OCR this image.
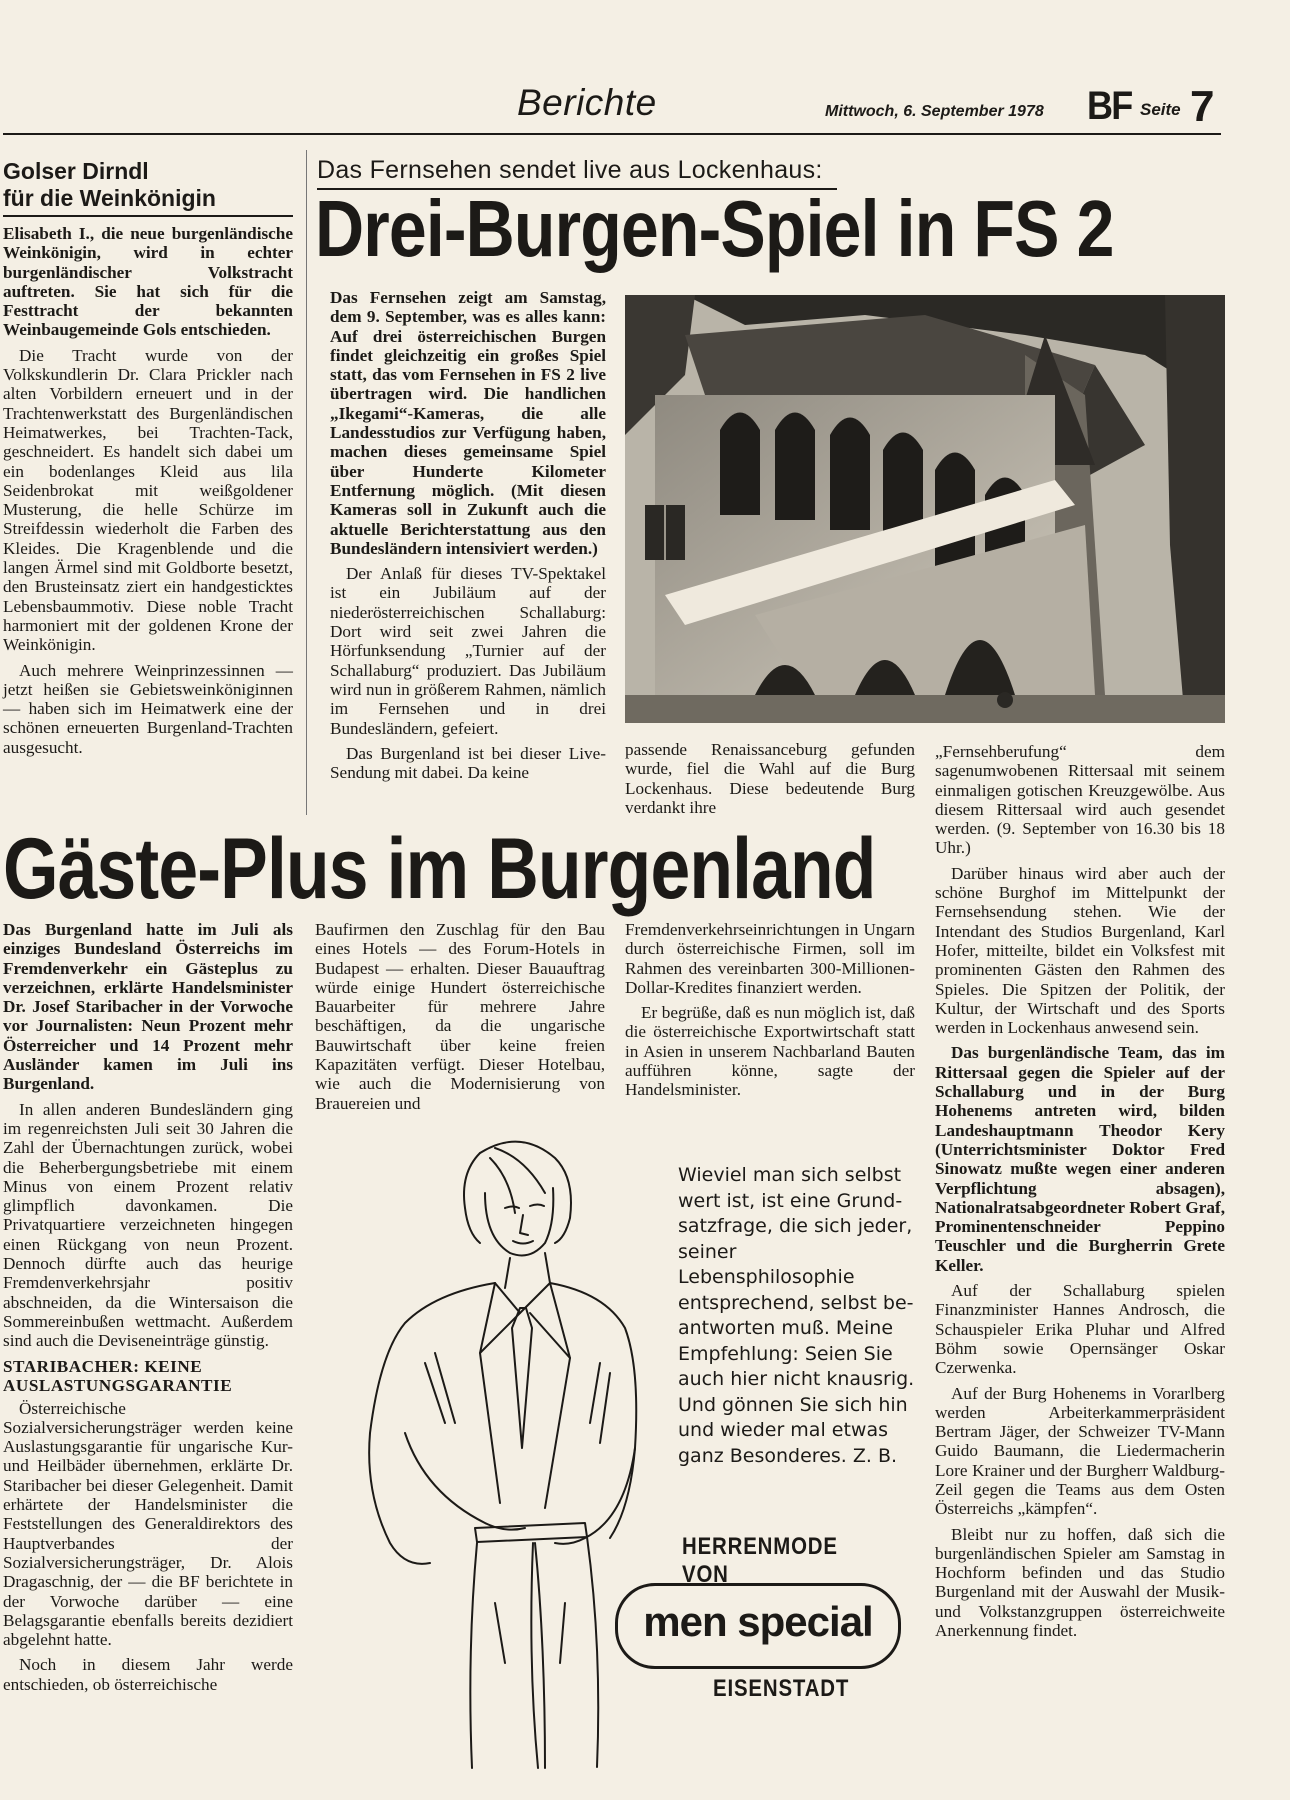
Berichte	Mittwoch, 6. September 1978 BF Seite 7
Golser Dirndl
für die Weinkönigin

Elisabeth I., die neue burgenländische Weinkönigin, wird in echter burgenländischer Volkstracht auftreten. Sie hat sich für die Festtracht der bekannten Weinbaugemeinde Gols entschieden.

Die Tracht wurde von der Volkskundlerin Dr. Clara Prickler nach alten Vorbildern erneuert und in der Trachtenwerkstatt des Burgenländischen Heimatwerkes, bei Trachten-Tack, geschneidert. Es handelt sich dabei um ein bodenlanges Kleid aus lila Seidenbrokat mit weißgoldener Musterung, die helle Schürze im Streifdessin wiederholt die Farben des Kleides. Die Kragenblende und die langen Ärmel sind mit Goldborte besetzt, den Brusteinsatz ziert ein handgesticktes Lebensbaummotiv. Diese noble Tracht harmoniert mit der goldenen Krone der Weinkönigin.

Auch mehrere Weinprinzessinnen — jetzt heißen sie Gebietsweinköniginnen — haben sich im Heimatwerk eine der schönen erneuerten Burgenland-Trachten ausgesucht.

Das Fernsehen sendet live aus Lockenhaus:
Drei-Burgen-Spiel in FS 2

Das Fernsehen zeigt am Samstag, dem 9. September, was es alles kann: Auf drei österreichischen Burgen findet gleichzeitig ein großes Spiel statt, das vom Fernsehen in FS 2 live übertragen wird. Die handlichen „Ikegami“-Kameras, die alle Landesstudios zur Verfügung haben, machen dieses gemeinsame Spiel über Hunderte Kilometer Entfernung möglich. (Mit diesen Kameras soll in Zukunft auch die aktuelle Berichterstattung aus den Bundesländern intensiviert werden.)

Der Anlaß für dieses TV-Spektakel ist ein Jubiläum auf der niederösterreichischen Schallaburg: Dort wird seit zwei Jahren die Hörfunksendung „Turnier auf der Schallaburg“ produziert. Das Jubiläum wird nun in größerem Rahmen, nämlich im Fernsehen und in drei Bundesländern, gefeiert.

Das Burgenland ist bei dieser Live-Sendung mit dabei. Da keine

passende Renaissanceburg gefunden wurde, fiel die Wahl auf die Burg Lockenhaus. Diese bedeutende Burg verdankt ihre

„Fernsehberufung“ dem sagenumwobenen Rittersaal mit seinem einmaligen gotischen Kreuzgewölbe. Aus diesem Rittersaal wird auch gesendet werden. (9. September von 16.30 bis 18 Uhr.)

Darüber hinaus wird aber auch der schöne Burghof im Mittelpunkt der Fernsehsendung stehen. Wie der Intendant des Studios Burgenland, Karl Hofer, mitteilte, bildet ein Volksfest mit prominenten Gästen den Rahmen des Spieles. Die Spitzen der Politik, der Kultur, der Wirtschaft und des Sports werden in Lockenhaus anwesend sein.

Das burgenländische Team, das im Rittersaal gegen die Spieler auf der Schallaburg und in der Burg Hohenems antreten wird, bilden Landeshauptmann Theodor Kery (Unterrichtsminister Doktor Fred Sinowatz mußte wegen einer anderen Verpflichtung absagen), Nationalratsabgeordneter Robert Graf, Prominentenschneider Peppino Teuschler und die Burgherrin Grete Keller.

Auf der Schallaburg spielen Finanzminister Hannes Androsch, die Schauspieler Erika Pluhar und Alfred Böhm sowie Opernsänger Oskar Czerwenka.

Auf der Burg Hohenems in Vorarlberg werden Arbeiterkammerpräsident Bertram Jäger, der Schweizer TV-Mann Guido Baumann, die Liedermacherin Lore Krainer und der Burgherr Waldburg-Zeil gegen die Teams aus dem Osten Österreichs „kämpfen“.

Bleibt nur zu hoffen, daß sich die burgenländischen Spieler am Samstag in Hochform befinden und das Studio Burgenland mit der Auswahl der Musik- und Volkstanzgruppen österreichweite Anerkennung findet.

Gäste-Plus im Burgenland

Das Burgenland hatte im Juli als einziges Bundesland Österreichs im Fremdenverkehr ein Gästeplus zu verzeichnen, erklärte Handelsminister Dr. Josef Staribacher in der Vorwoche vor Journalisten: Neun Prozent mehr Österreicher und 14 Prozent mehr Ausländer kamen im Juli ins Burgenland.

In allen anderen Bundesländern ging im regenreichsten Juli seit 30 Jahren die Zahl der Übernachtungen zurück, wobei die Beherbergungsbetriebe mit einem Minus von einem Prozent relativ glimpflich davonkamen. Die Privatquartiere verzeichneten hingegen einen Rückgang von neun Prozent. Dennoch dürfte auch das heurige Fremdenverkehrsjahr positiv abschneiden, da die Wintersaison die Sommereinbußen wettmacht. Außerdem sind auch die Deviseneinträge günstig.

STARIBACHER: KEINE AUSLASTUNGSGARANTIE

Österreichische Sozialversicherungsträger werden keine Auslastungsgarantie für ungarische Kur- und Heilbäder übernehmen, erklärte Dr. Staribacher bei dieser Gelegenheit. Damit erhärtete der Handelsminister die Feststellungen des Generaldirektors des Hauptverbandes der Sozialversicherungsträger, Dr. Alois Dragaschnig, der — die BF berichtete in der Vorwoche darüber — eine Belagsgarantie ebenfalls bereits dezidiert abgelehnt hatte.

Noch in diesem Jahr werde entschieden, ob österreichische

Baufirmen den Zuschlag für den Bau eines Hotels — des Forum-Hotels in Budapest — erhalten. Dieser Bauauftrag würde einige Hundert österreichische Bauarbeiter für mehrere Jahre beschäftigen, da die ungarische Bauwirtschaft über keine freien Kapazitäten verfügt. Dieser Hotelbau, wie auch die Modernisierung von Brauereien und

Fremdenverkehrseinrichtungen in Ungarn durch österreichische Firmen, soll im Rahmen des vereinbarten 300-Millionen-Dollar-Kredites finanziert werden.

Er begrüße, daß es nun möglich ist, daß die österreichische Exportwirtschaft statt in Asien in unserem Nachbarland Bauten aufführen könne, sagte der Handelsminister.

Wieviel man sich selbst
wert ist, ist eine Grund-
satzfrage, die sich jeder,
seiner Lebensphilosophie
entsprechend, selbst be-
antworten muß. Meine
Empfehlung: Seien Sie
auch hier nicht knausrig.
Und gönnen Sie sich hin
und wieder mal etwas
ganz Besonderes. Z. B.
HERRENMODE VON
men special
EISENSTADT
